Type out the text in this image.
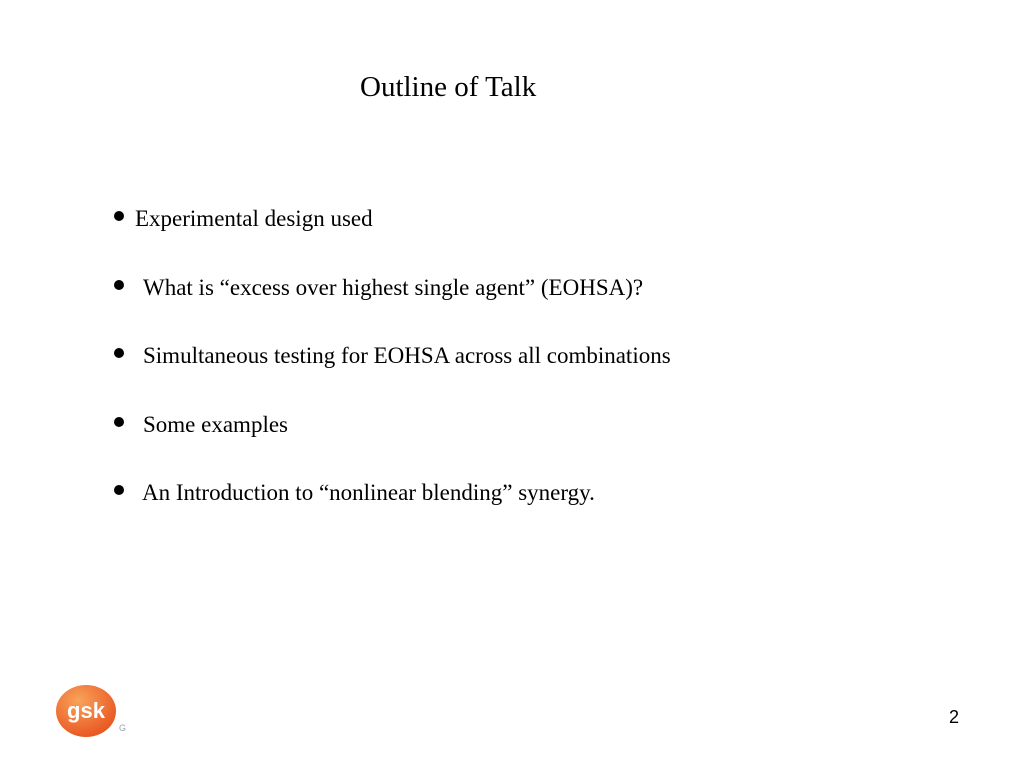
Outline of Talk
Experimental design used
What is “excess over highest single agent” (EOHSA)?
Simultaneous testing for EOHSA across all combinations
Some examples
An Introduction to “nonlinear blending” synergy.
gsk
G
2
